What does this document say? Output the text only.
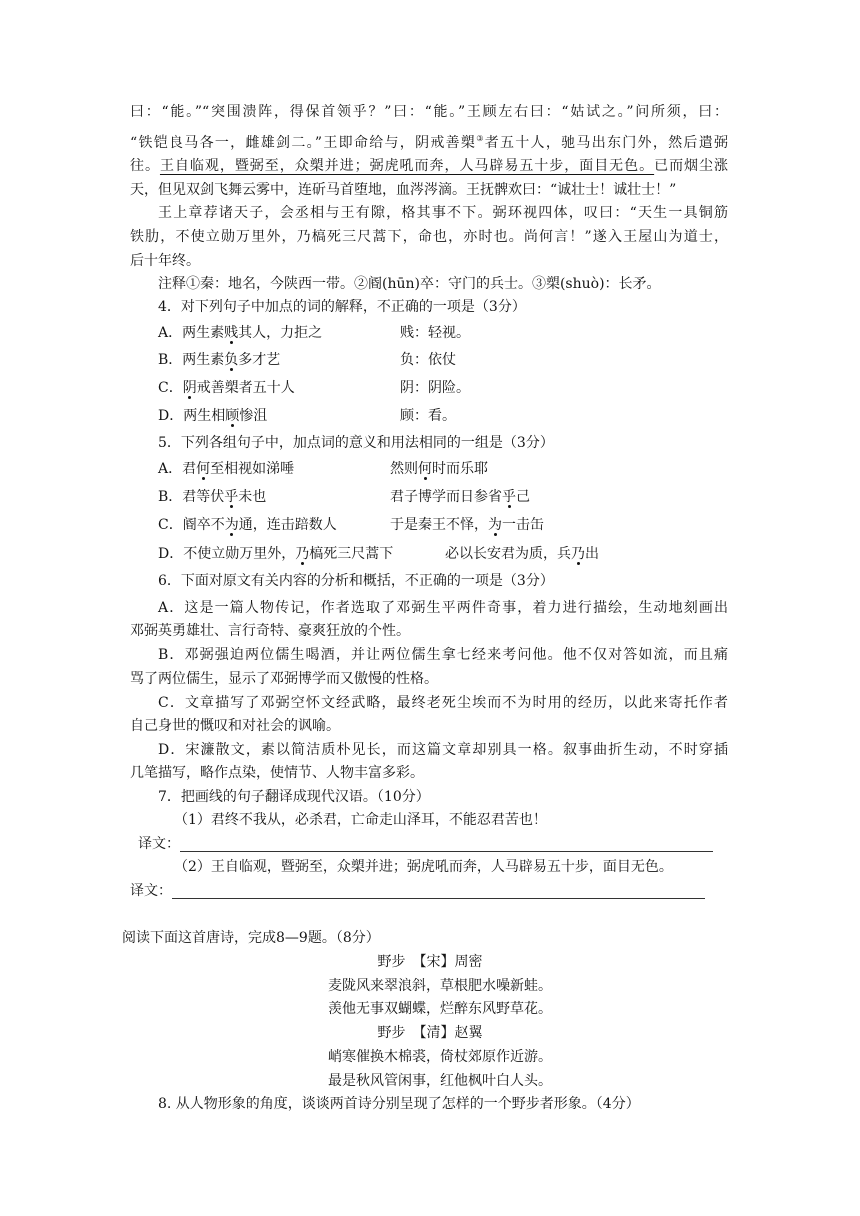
曰：“能。”“突围溃阵，得保首领乎？”曰：“能。”王顾左右曰：“姑试之。”问所须，曰：
“铁铠良马各一，雌雄剑二。”王即命给与，阴戒善槊③者五十人，驰马出东门外，然后遣弼
往。王自临观，暨弼至，众槊并进；弼虎吼而奔，人马辟易五十步，面目无色。已而烟尘涨
天，但见双剑飞舞云雾中，连斫马首堕地，血涔涔滴。王抚髀欢曰：“诚壮士！诚壮士！”
王上章荐诸天子，会丞相与王有隙，格其事不下。弼环视四体，叹曰：“天生一具铜筋
铁肋，不使立勋万里外，乃槁死三尺蒿下，命也，亦时也。尚何言！”遂入王屋山为道士，
后十年终。
注释①秦：地名，今陕西一带。②阍(hūn)卒：守门的兵士。③槊(shuò)：长矛。
4．对下列句子中加点的词的解释，不正确的一项是（3分）
A．两生素贱其人，力拒之	贱：轻视。
B．两生素负多才艺	负：依仗
C．阴戒善槊者五十人	阴：阴险。
D．两生相顾惨沮	顾：看。
5．下列各组句子中，加点词的意义和用法相同的一组是（3分）
A．君何至相视如涕唾	然则何时而乐耶
B．君等伏乎未也	君子博学而日参省乎己
C．阍卒不为通，连击踣数人	于是秦王不怿，为一击缶
D．不使立勋万里外，乃槁死三尺蒿下	必以长安君为质，兵乃出
6．下面对原文有关内容的分析和概括，不正确的一项是（3分）
A．这是一篇人物传记，作者选取了邓弼生平两件奇事，着力进行描绘，生动地刻画出
邓弼英勇雄壮、言行奇特、豪爽狂放的个性。
B．邓弼强迫两位儒生喝酒，并让两位儒生拿七经来考问他。他不仅对答如流，而且痛
骂了两位儒生，显示了邓弼博学而又傲慢的性格。
C．文章描写了邓弼空怀文经武略，最终老死尘埃而不为时用的经历，以此来寄托作者
自己身世的慨叹和对社会的讽喻。
D．宋濂散文，素以简洁质朴见长，而这篇文章却别具一格。叙事曲折生动，不时穿插
几笔描写，略作点染，使情节、人物丰富多彩。
7．把画线的句子翻译成现代汉语。（10分）
（1）君终不我从，必杀君，亡命走山泽耳，不能忍君苦也！
译文：
（2）王自临观，暨弼至，众槊并进；弼虎吼而奔，人马辟易五十步，面目无色。
译文：
阅读下面这首唐诗，完成8—9题。（8分）
野步　 【宋】周密
麦陇风来翠浪斜，草根肥水噪新蛙。
羡他无事双蝴蝶，烂醉东风野草花。
野步　 【清】赵翼
峭寒催换木棉裘，倚杖郊原作近游。
最是秋风管闲事，红他枫叶白人头。
8. 从人物形象的角度，谈谈两首诗分别呈现了怎样的一个野步者形象。（4分）
